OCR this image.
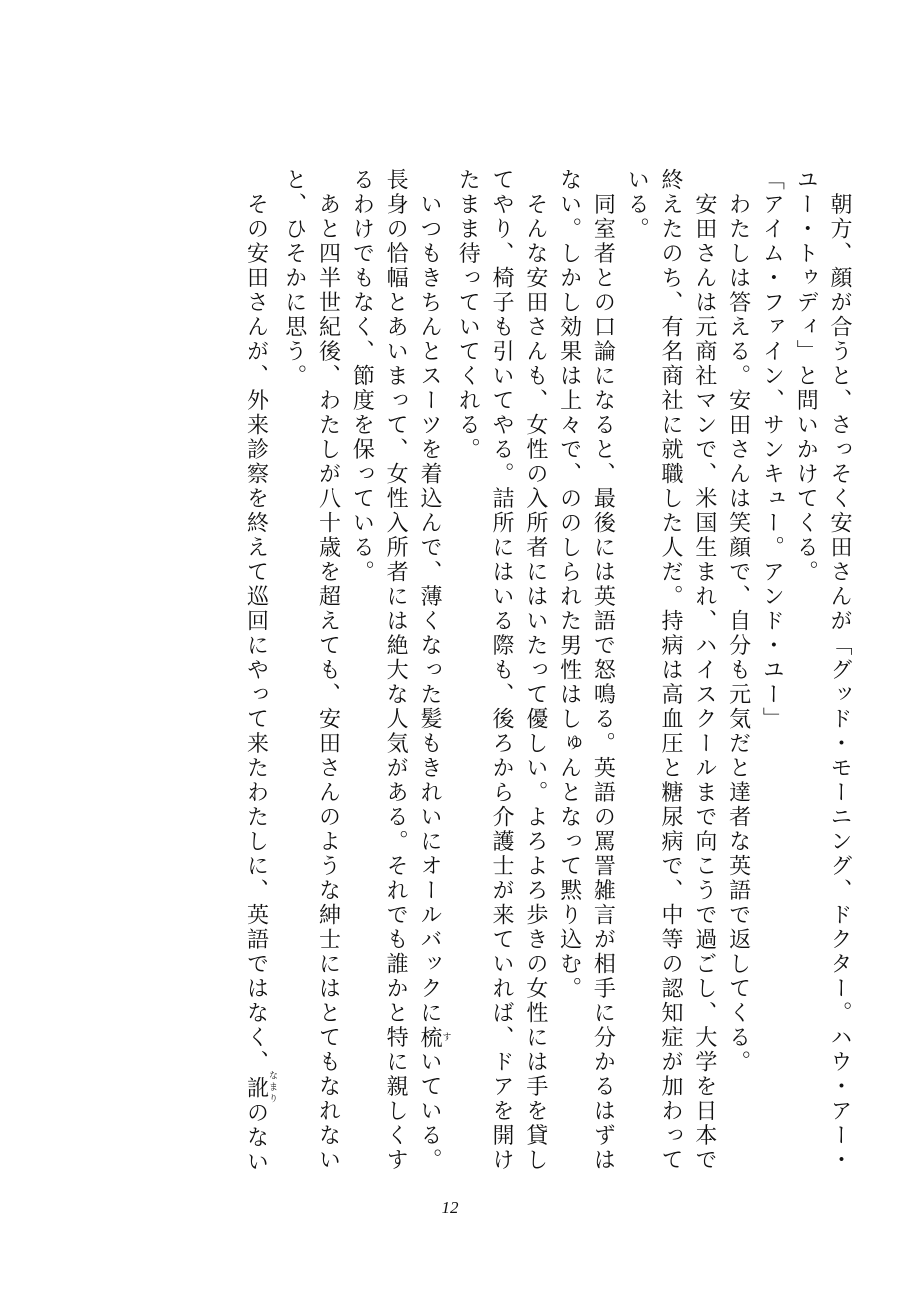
　朝方、顔が合うと、さっそく安田さんが「グッド・モーニング、ドクター。ハウ・アー・
ユー・トゥディ」と問いかけてくる。
「アイム・ファイン、サンキュー。アンド・ユー」
　わたしは答える。安田さんは笑顔で、自分も元気だと達者な英語で返してくる。
　安田さんは元商社マンで、米国生まれ、ハイスクールまで向こうで過ごし、大学を日本で
終えたのち、有名商社に就職した人だ。持病は高血圧と糖尿病で、中等の認知症が加わって
いる。
　同室者との口論になると、最後には英語で怒鳴る。英語の罵詈雑言が相手に分かるはずは
ない。しかし効果は上々で、ののしられた男性はしゅんとなって黙り込む。
　そんな安田さんも、女性の入所者にはいたって優しい。よろよろ歩きの女性には手を貸し
てやり、椅子も引いてやる。詰所にはいる際も、後ろから介護士が来ていれば、ドアを開け
たまま待っていてくれる。
　いつもきちんとスーツを着込んで、薄くなった髪もきれいにオールバックに梳すいている。
長身の恰幅とあいまって、女性入所者には絶大な人気がある。それでも誰かと特に親しくす
るわけでもなく、節度を保っている。
　あと四半世紀後、わたしが八十歳を超えても、安田さんのような紳士にはとてもなれない
と、ひそかに思う。
　その安田さんが、外来診察を終えて巡回にやって来たわたしに、英語ではなく、訛なまりのない
12
